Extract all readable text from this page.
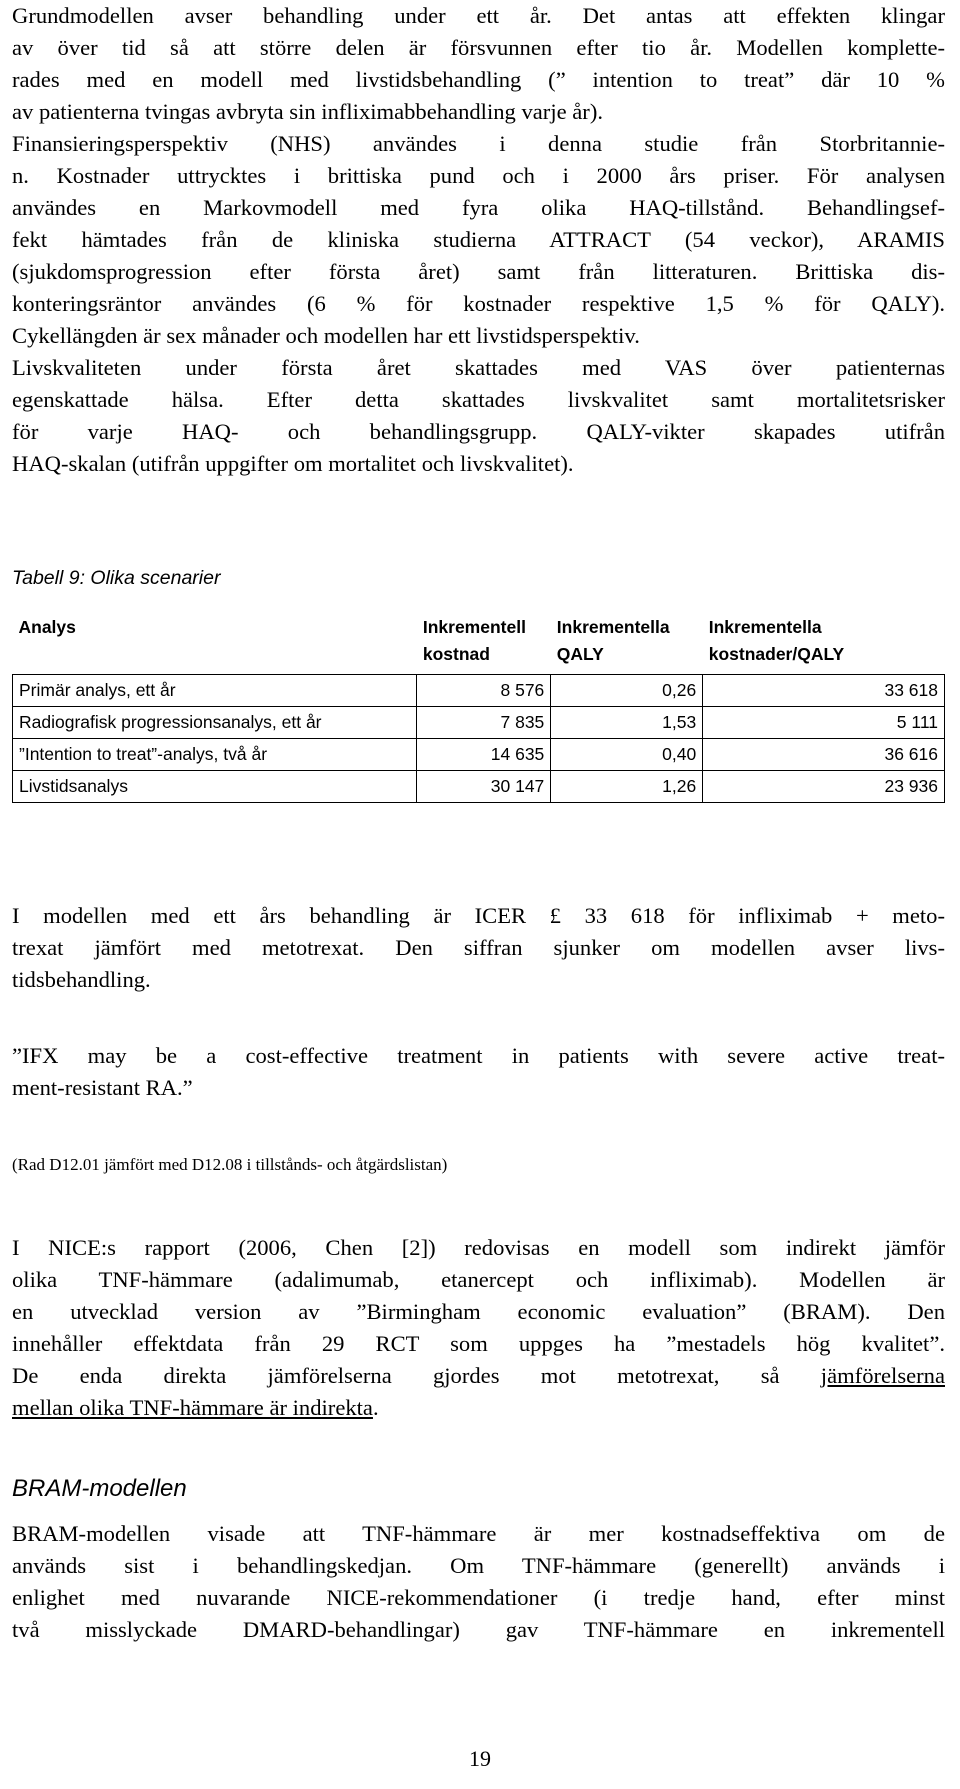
Grundmodellen avser behandling under ett år. Det antas att effekten klingar
av över tid så att större delen är försvunnen efter tio år. Modellen komplette-
rades med en modell med livstidsbehandling (” intention to treat” där 10 %
av patienterna tvingas avbryta sin infliximabbehandling varje år).
Finansieringsperspektiv (NHS) användes i denna studie från Storbritannie-
n. Kostnader uttrycktes i brittiska pund och i 2000 års priser. För analysen
användes en Markovmodell med fyra olika HAQ-tillstånd. Behandlingsef-
fekt hämtades från de kliniska studierna ATTRACT (54 veckor), ARAMIS
(sjukdomsprogression efter första året) samt från litteraturen. Brittiska dis-
konteringsräntor användes (6 % för kostnader respektive 1,5 % för QALY).
Cykellängden är sex månader och modellen har ett livstidsperspektiv.
Livskvaliteten under första året skattades med VAS över patienternas
egenskattade hälsa. Efter detta skattades livskvalitet samt mortalitetsrisker
för varje HAQ- och behandlingsgrupp. QALY-vikter skapades utifrån
HAQ-skalan (utifrån uppgifter om mortalitet och livskvalitet).
Tabell 9: Olika scenarier
Analys	Inkrementell kostnad	Inkrementella QALY	Inkrementella kostnader/QALY
Primär analys, ett år	8 576	0,26	33 618
Radiografisk progressionsanalys, ett år	7 835	1,53	5 111
”Intention to treat”-analys, två år	14 635	0,40	36 616
Livstidsanalys	30 147	1,26	23 936
I modellen med ett års behandling är ICER £ 33 618 för infliximab + meto-
trexat jämfört med metotrexat. Den siffran sjunker om modellen avser livs-
tidsbehandling.
”IFX may be a cost-effective treatment in patients with severe active treat-
ment-resistant RA.”
(Rad D12.01 jämfört med D12.08 i tillstånds- och åtgärdslistan)
I NICE:s rapport (2006, Chen [2]) redovisas en modell som indirekt jämför
olika TNF-hämmare (adalimumab, etanercept och infliximab). Modellen är
en utvecklad version av ”Birmingham economic evaluation” (BRAM). Den
innehåller effektdata från 29 RCT som uppges ha ”mestadels hög kvalitet”.
De enda direkta jämförelserna gjordes mot metotrexat, så jämförelserna
mellan olika TNF-hämmare är indirekta.
BRAM-modellen
BRAM-modellen visade att TNF-hämmare är mer kostnadseffektiva om de
används sist i behandlingskedjan. Om TNF-hämmare (generellt) används i
enlighet med nuvarande NICE-rekommendationer (i tredje hand, efter minst
två misslyckade DMARD-behandlingar) gav TNF-hämmare en inkrementell
19
